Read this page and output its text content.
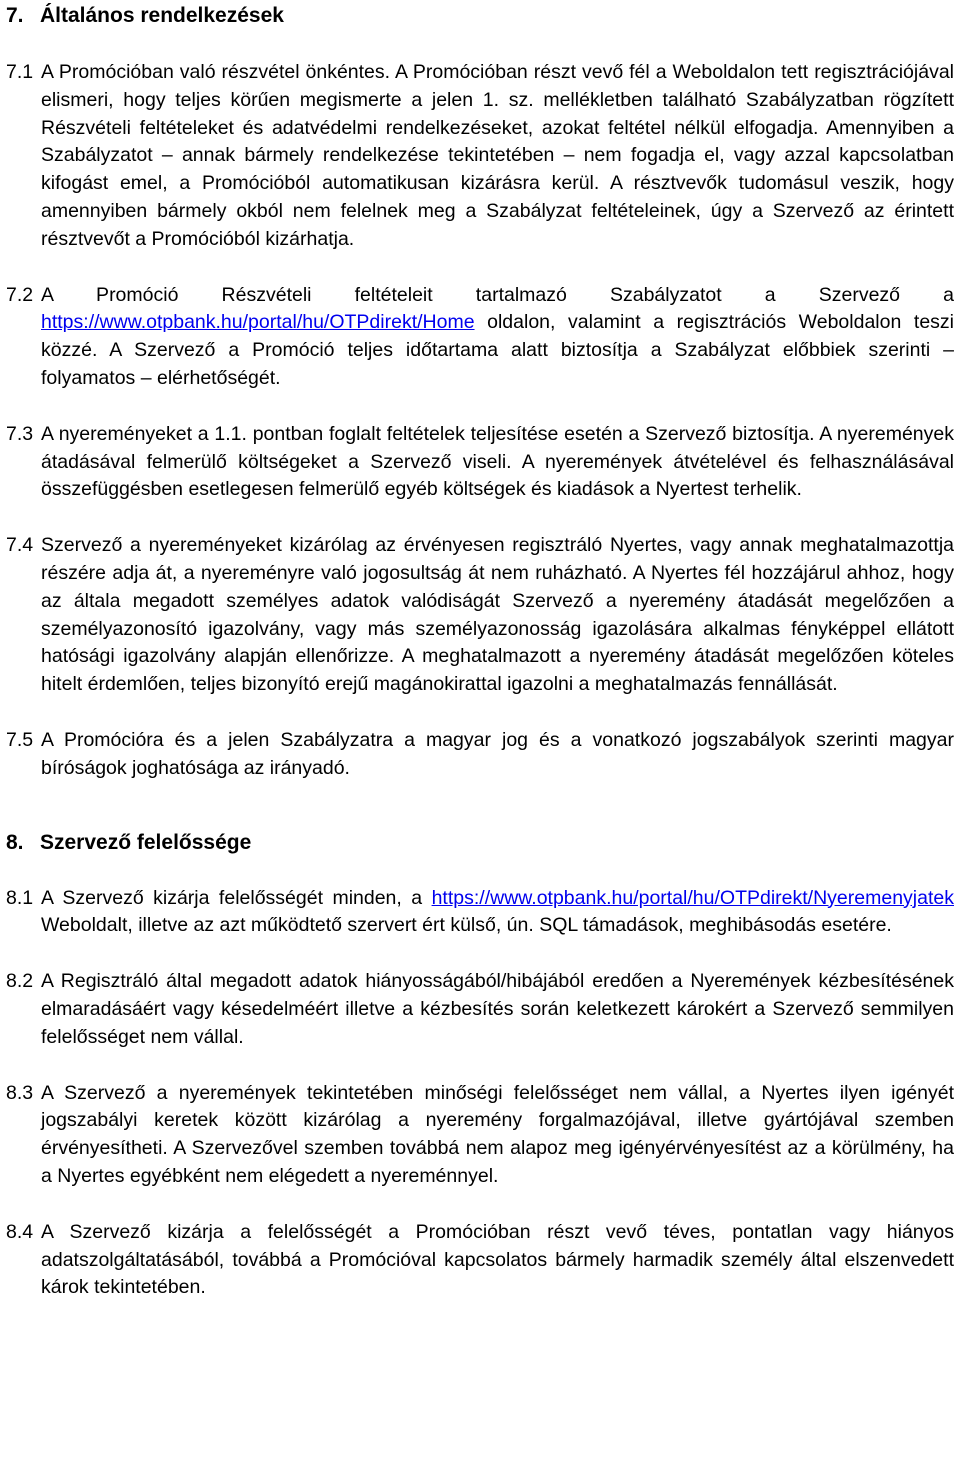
7. Általános rendelkezések
7.1 A Promócióban való részvétel önkéntes. A Promócióban részt vevő fél a Weboldalon tett regisztrációjával elismeri, hogy teljes körűen megismerte a jelen 1. sz. mellékletben található Szabályzatban rögzített Részvételi feltételeket és adatvédelmi rendelkezéseket, azokat feltétel nélkül elfogadja. Amennyiben a Szabályzatot – annak bármely rendelkezése tekintetében – nem fogadja el, vagy azzal kapcsolatban kifogást emel, a Promócióból automatikusan kizárásra kerül. A résztvevők tudomásul veszik, hogy amennyiben bármely okból nem felelnek meg a Szabályzat feltételeinek, úgy a Szervező az érintett résztvevőt a Promócióból kizárhatja.
7.2 A Promóció Részvételi feltételeit tartalmazó Szabályzatot a Szervező a https://www.otpbank.hu/portal/hu/OTPdirekt/Home oldalon, valamint a regisztrációs Weboldalon teszi közzé. A Szervező a Promóció teljes időtartama alatt biztosítja a Szabályzat előbbiek szerinti – folyamatos – elérhetőségét.
7.3 A nyereményeket a 1.1. pontban foglalt feltételek teljesítése esetén a Szervező biztosítja. A nyeremények átadásával felmerülő költségeket a Szervező viseli. A nyeremények átvételével és felhasználásával összefüggésben esetlegesen felmerülő egyéb költségek és kiadások a Nyertest terhelik.
7.4 Szervező a nyereményeket kizárólag az érvényesen regisztráló Nyertes, vagy annak meghatalmazottja részére adja át, a nyereményre való jogosultság át nem ruházható. A Nyertes fél hozzájárul ahhoz, hogy az általa megadott személyes adatok valódiságát Szervező a nyeremény átadását megelőzően a személyazonosító igazolvány, vagy más személyazonosság igazolására alkalmas fényképpel ellátott hatósági igazolvány alapján ellenőrizze. A meghatalmazott a nyeremény átadását megelőzően köteles hitelt érdemlően, teljes bizonyító erejű magánokirattal igazolni a meghatalmazás fennállását.
7.5 A Promócióra és a jelen Szabályzatra a magyar jog és a vonatkozó jogszabályok szerinti magyar bíróságok joghatósága az irányadó.
8. Szervező felelőssége
8.1 A Szervező kizárja felelősségét minden, a https://www.otpbank.hu/portal/hu/OTPdirekt/Nyeremenyjatek Weboldalt, illetve az azt működtető szervert ért külső, ún. SQL támadások, meghibásodás esetére.
8.2 A Regisztráló által megadott adatok hiányosságából/hibájából eredően a Nyeremények kézbesítésének elmaradásáért vagy késedelméért illetve a kézbesítés során keletkezett károkért a Szervező semmilyen felelősséget nem vállal.
8.3 A Szervező a nyeremények tekintetében minőségi felelősséget nem vállal, a Nyertes ilyen igényét jogszabályi keretek között kizárólag a nyeremény forgalmazójával, illetve gyártójával szemben érvényesítheti. A Szervezővel szemben továbbá nem alapoz meg igényérvényesítést az a körülmény, ha a Nyertes egyébként nem elégedett a nyereménnyel.
8.4 A Szervező kizárja a felelősségét a Promócióban részt vevő téves, pontatlan vagy hiányos adatszolgáltatásából, továbbá a Promócióval kapcsolatos bármely harmadik személy által elszenvedett károk tekintetében.
